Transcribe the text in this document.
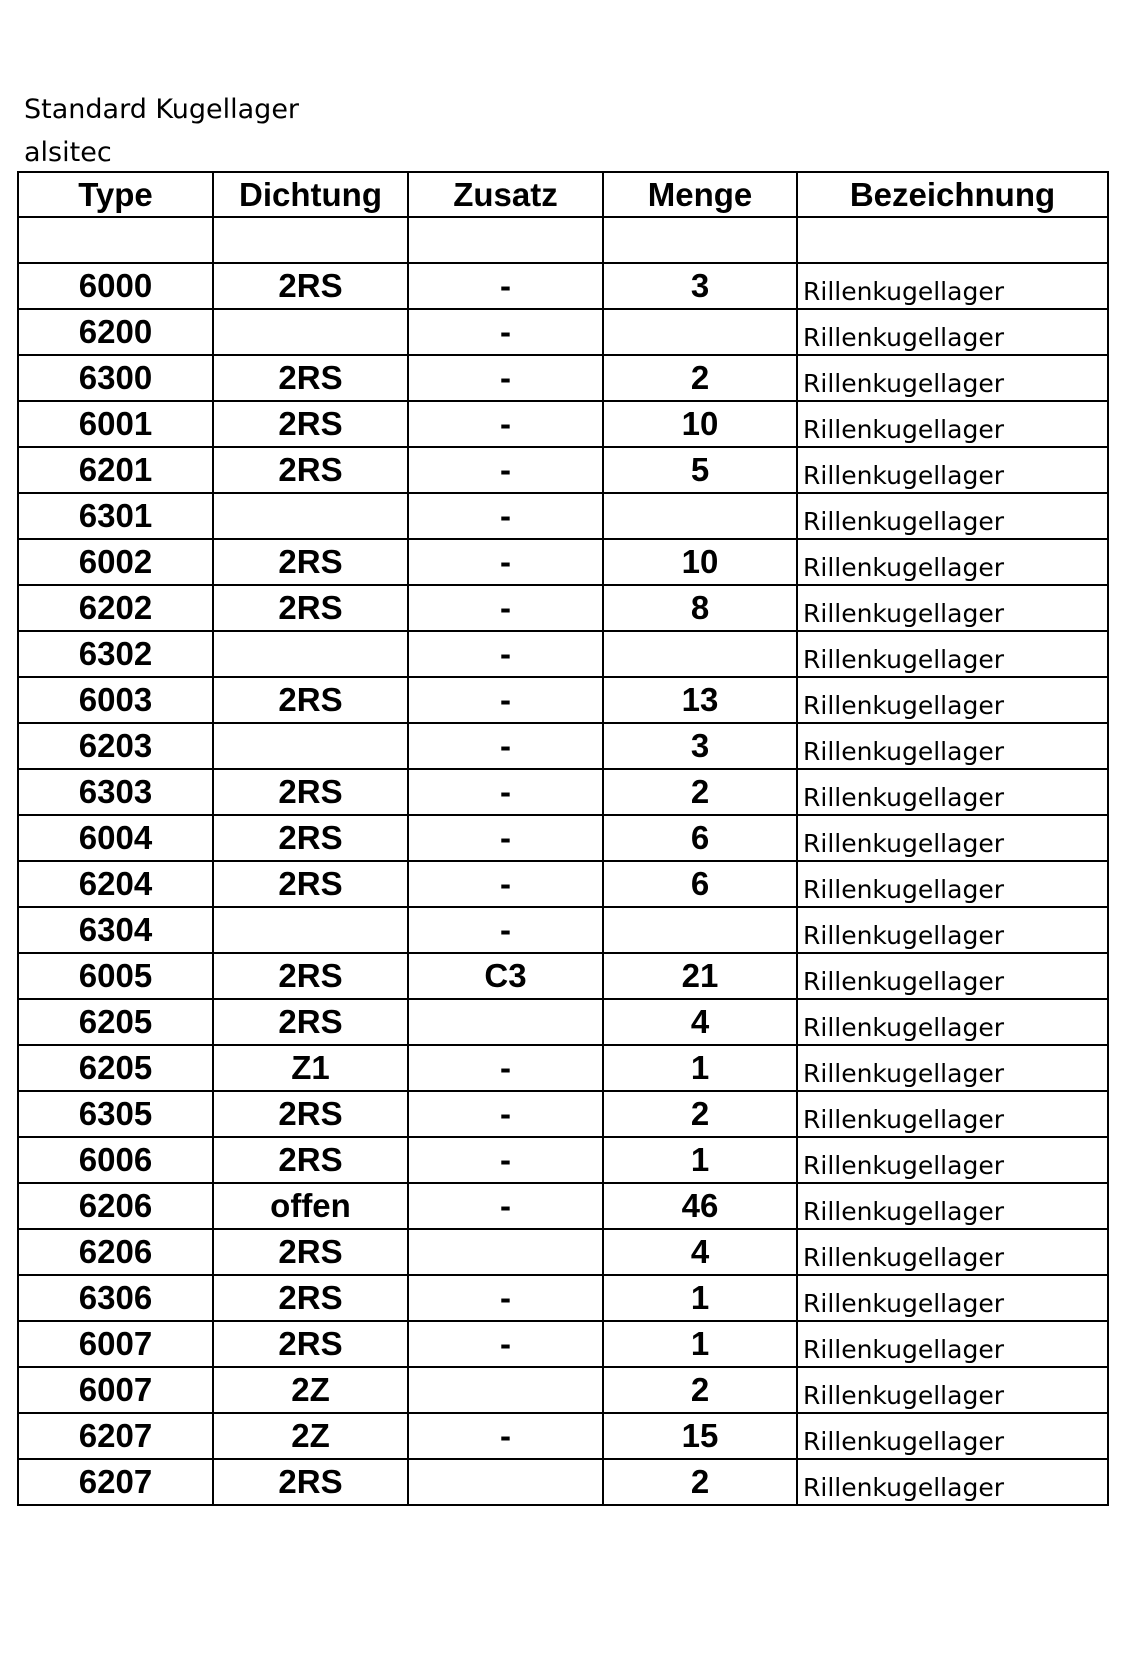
Standard Kugellager
alsitec
Type	Dichtung	Zusatz	Menge	Bezeichnung

6000	2RS	-	3	Rillenkugellager
6200		-		Rillenkugellager
6300	2RS	-	2	Rillenkugellager
6001	2RS	-	10	Rillenkugellager
6201	2RS	-	5	Rillenkugellager
6301		-		Rillenkugellager
6002	2RS	-	10	Rillenkugellager
6202	2RS	-	8	Rillenkugellager
6302		-		Rillenkugellager
6003	2RS	-	13	Rillenkugellager
6203		-	3	Rillenkugellager
6303	2RS	-	2	Rillenkugellager
6004	2RS	-	6	Rillenkugellager
6204	2RS	-	6	Rillenkugellager
6304		-		Rillenkugellager
6005	2RS	C3	21	Rillenkugellager
6205	2RS		4	Rillenkugellager
6205	Z1	-	1	Rillenkugellager
6305	2RS	-	2	Rillenkugellager
6006	2RS	-	1	Rillenkugellager
6206	offen	-	46	Rillenkugellager
6206	2RS		4	Rillenkugellager
6306	2RS	-	1	Rillenkugellager
6007	2RS	-	1	Rillenkugellager
6007	2Z		2	Rillenkugellager
6207	2Z	-	15	Rillenkugellager
6207	2RS		2	Rillenkugellager
